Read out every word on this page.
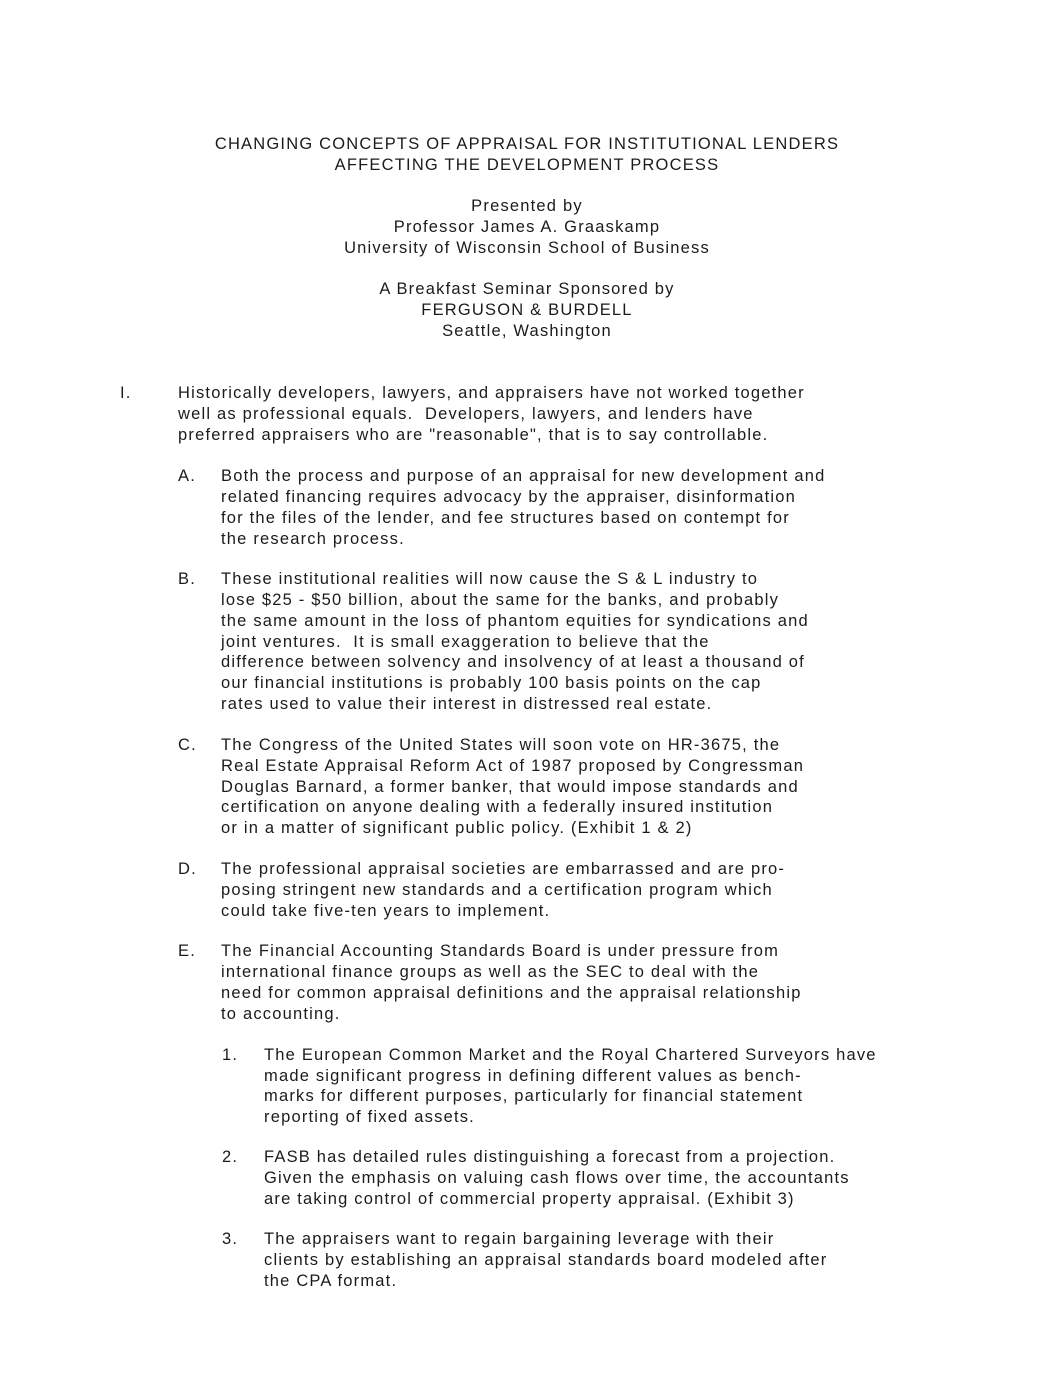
CHANGING CONCEPTS OF APPRAISAL FOR INSTITUTIONAL LENDERS
AFFECTING THE DEVELOPMENT PROCESS
Presented by
Professor James A. Graaskamp
University of Wisconsin School of Business
A Breakfast Seminar Sponsored by
FERGUSON & BURDELL
Seattle, Washington
I.	Historically developers, lawyers, and appraisers have not worked together
well as professional equals.  Developers, lawyers, and lenders have
preferred appraisers who are "reasonable", that is to say controllable.
A. Both the process and purpose of an appraisal for new development and
related financing requires advocacy by the appraiser, disinformation
for the files of the lender, and fee structures based on contempt for
the research process.
B. These institutional realities will now cause the S & L industry to
lose $25 - $50 billion, about the same for the banks, and probably
the same amount in the loss of phantom equities for syndications and
joint ventures.  It is small exaggeration to believe that the
difference between solvency and insolvency of at least a thousand of
our financial institutions is probably 100 basis points on the cap
rates used to value their interest in distressed real estate.
C. The Congress of the United States will soon vote on HR-3675, the
Real Estate Appraisal Reform Act of 1987 proposed by Congressman
Douglas Barnard, a former banker, that would impose standards and
certification on anyone dealing with a federally insured institution
or in a matter of significant public policy. (Exhibit 1 & 2)
D. The professional appraisal societies are embarrassed and are pro-
posing stringent new standards and a certification program which
could take five-ten years to implement.
E. The Financial Accounting Standards Board is under pressure from
international finance groups as well as the SEC to deal with the
need for common appraisal definitions and the appraisal relationship
to accounting.
1. The European Common Market and the Royal Chartered Surveyors have
made significant progress in defining different values as bench-
marks for different purposes, particularly for financial statement
reporting of fixed assets.
2. FASB has detailed rules distinguishing a forecast from a projection.
Given the emphasis on valuing cash flows over time, the accountants
are taking control of commercial property appraisal. (Exhibit 3)
3. The appraisers want to regain bargaining leverage with their
clients by establishing an appraisal standards board modeled after
the CPA format.
